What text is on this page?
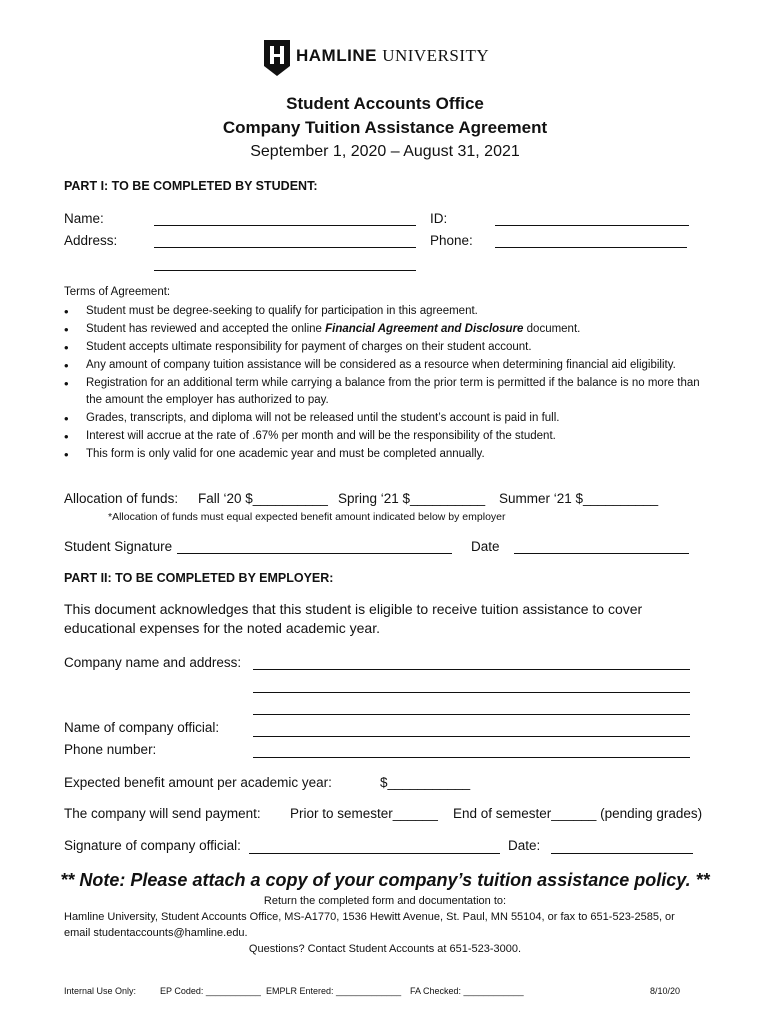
HAMLINE UNIVERSITY
Student Accounts Office
Company Tuition Assistance Agreement
September 1, 2020 – August 31, 2021
PART I: TO BE COMPLETED BY STUDENT:
Name:	ID:
Address:	Phone:
Terms of Agreement:
• Student must be degree-seeking to qualify for participation in this agreement.
• Student has reviewed and accepted the online Financial Agreement and Disclosure document.
• Student accepts ultimate responsibility for payment of charges on their student account.
• Any amount of company tuition assistance will be considered as a resource when determining financial aid eligibility.
• Registration for an additional term while carrying a balance from the prior term is permitted if the balance is no more than the amount the employer has authorized to pay.
• Grades, transcripts, and diploma will not be released until the student’s account is paid in full.
• Interest will accrue at the rate of .67% per month and will be the responsibility of the student.
• This form is only valid for one academic year and must be completed annually.
Allocation of funds: Fall ‘20 $__________ Spring ‘21 $__________ Summer ‘21 $__________
*Allocation of funds must equal expected benefit amount indicated below by employer
Student Signature	Date
PART II: TO BE COMPLETED BY EMPLOYER:
This document acknowledges that this student is eligible to receive tuition assistance to cover
educational expenses for the noted academic year.
Company name and address:
Name of company official:
Phone number:
Expected benefit amount per academic year:	$___________
The company will send payment: Prior to semester______ End of semester______ (pending grades)
Signature of company official:	Date:
** Note: Please attach a copy of your company’s tuition assistance policy. **
Return the completed form and documentation to:
Hamline University, Student Accounts Office, MS-A1770, 1536 Hewitt Avenue, St. Paul, MN 55104, or fax to 651-523-2585, or
email studentaccounts@hamline.edu.
Questions? Contact Student Accounts at 651-523-3000.
Internal Use Only:	EP Coded: ___________ EMPLR Entered: _____________ FA Checked: ____________	8/10/20
